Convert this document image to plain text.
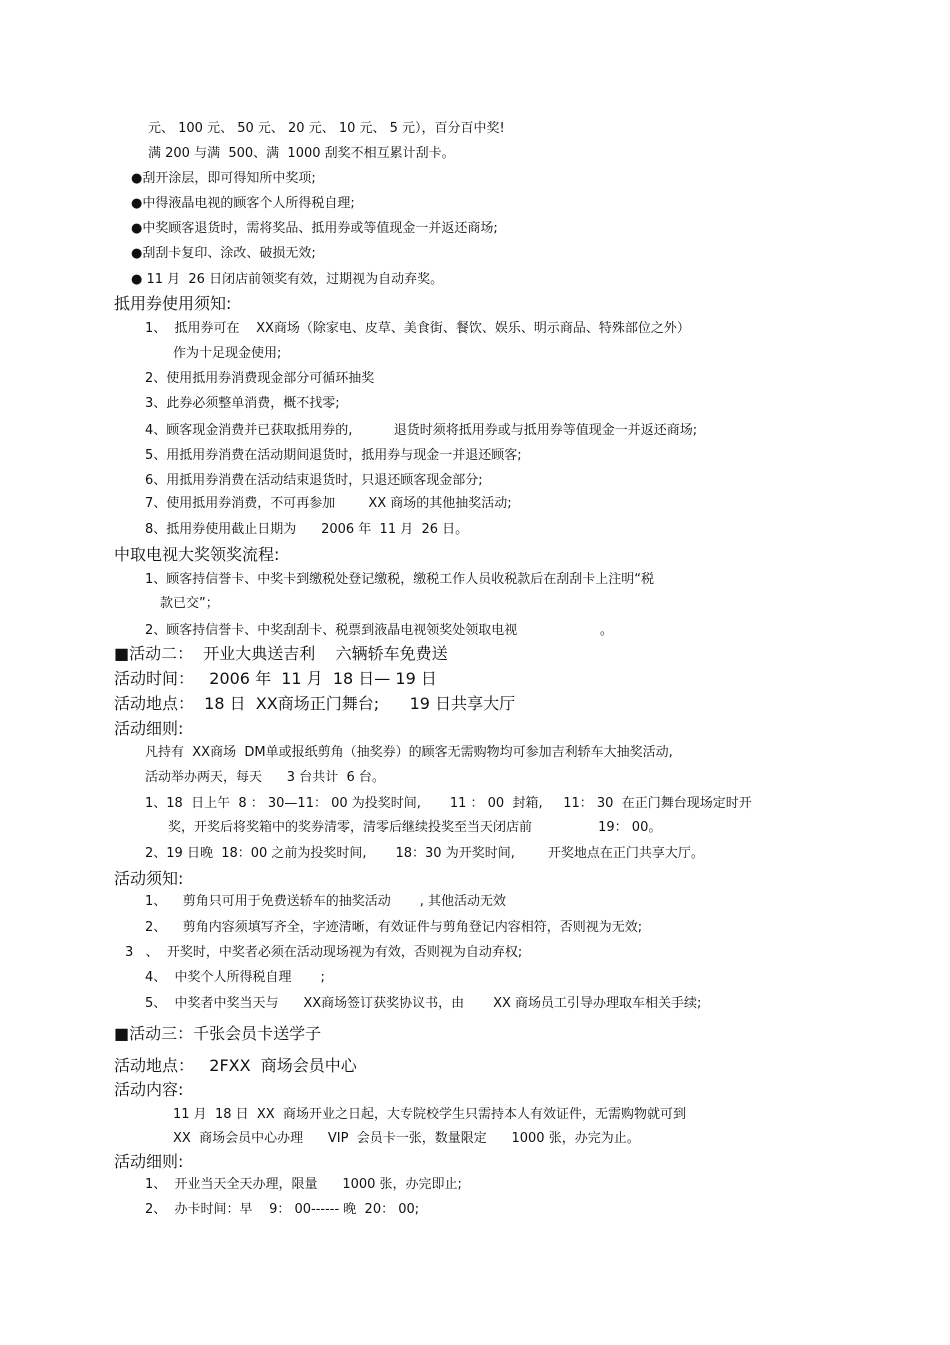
元、 100 元、 50 元、 20 元、 10 元、 5 元），百分百中奖!
满 200 与满  500、满  1000 刮奖不相互累计刮卡。
●刮开涂层，即可得知所中奖项;
●中得液晶电视的顾客个人所得税自理;
●中奖顾客退货时，需将奖品、抵用券或等值现金一并返还商场;
●刮刮卡复印、涂改、破损无效;
● 11 月  26 日闭店前领奖有效，过期视为自动弃奖。
抵用券使用须知:
1、  抵用券可在    XX商场（除家电、皮草、美食街、餐饮、娱乐、明示商品、特殊部位之外）
作为十足现金使用;
2、使用抵用券消费现金部分可循环抽奖
3、此券必须整单消费，概不找零;
4、顾客现金消费并已获取抵用券的,          退货时须将抵用券或与抵用券等值现金一并返还商场;
5、用抵用券消费在活动期间退货时，抵用券与现金一并退还顾客;
6、用抵用券消费在活动结束退货时，只退还顾客现金部分;
7、使用抵用券消费，不可再参加        XX 商场的其他抽奖活动;
8、抵用券使用截止日期为      2006 年  11 月  26 日。
中取电视大奖领奖流程:
1、顾客持信誉卡、中奖卡到缴税处登记缴税，缴税工作人员收税款后在刮刮卡上注明“税
款已交”；
2、顾客持信誉卡、中奖刮刮卡、税票到液晶电视领奖处领取电视                    。
■活动二：  开业大典送吉利    六辆轿车免费送
活动时间：   2006 年  11 月  18 日— 19 日
活动地点：  18 日  XX商场正门舞台;      19 日共享大厅
活动细则:
凡持有  XX商场  DM单或报纸剪角（抽奖券）的顾客无需购物均可参加吉利轿车大抽奖活动,
活动举办两天，每天      3 台共计  6 台。
1、18  日上午  8 ： 30—11： 00 为投奖时间,       11 ： 00  封箱,     11： 30  在正门舞台现场定时开
奖，开奖后将奖箱中的奖券清零，清零后继续投奖至当天闭店前                19： 00。
2、19 日晚  18：00 之前为投奖时间,       18：30 为开奖时间,        开奖地点在正门共享大厅。
活动须知:
1、    剪角只可用于免费送轿车的抽奖活动       , 其他活动无效
2、    剪角内容须填写齐全，字迹清晰，有效证件与剪角登记内容相符，否则视为无效;
3   、  开奖时，中奖者必须在活动现场视为有效，否则视为自动弃权;
4、  中奖个人所得税自理       ;
5、  中奖者中奖当天与      XX商场签订获奖协议书，由       XX 商场员工引导办理取车相关手续;
■活动三：千张会员卡送学子
活动地点：   2FXX  商场会员中心
活动内容:
11 月  18 日  XX  商场开业之日起，大专院校学生只需持本人有效证件，无需购物就可到
XX  商场会员中心办理      VIP  会员卡一张，数量限定      1000 张，办完为止。
活动细则:
1、  开业当天全天办理，限量      1000 张，办完即止;
2、  办卡时间：早    9： 00------ 晚  20： 00;
